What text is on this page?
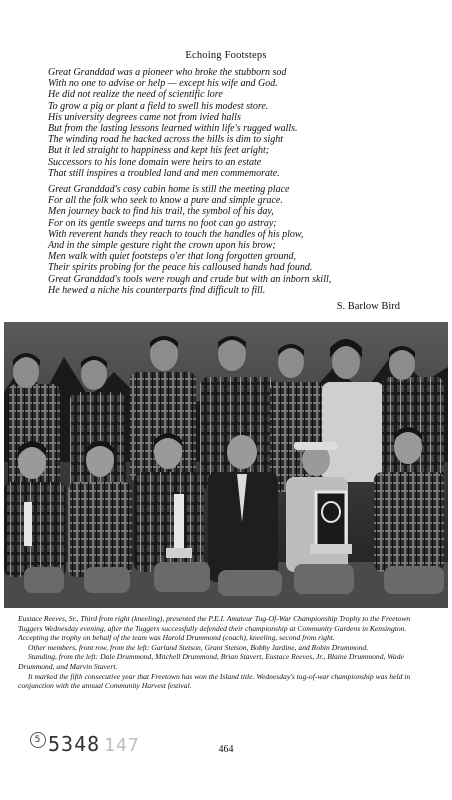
Echoing Footsteps
Great Granddad was a pioneer who broke the stubborn sod
With no one to advise or help — except his wife and God.
He did not realize the need of scientific lore
To grow a pig or plant a field to swell his modest store.
His university degrees came not from ivied halls
But from the lasting lessons learned within life's rugged walls.
The winding road he hacked across the hills is dim to sight
But it led straight to happiness and kept his feet aright;
Successors to his lone domain were heirs to an estate
That still inspires a troubled land and men commemorate.
Great Granddad's cosy cabin home is still the meeting place
For all the folk who seek to know a pure and simple grace.
Men journey back to find his trail, the symbol of his day,
For on its gentle sweeps and turns no foot can go astray;
With reverent hands they reach to touch the handles of his plow,
And in the simple gesture right the crown upon his brow;
Men walk with quiet footsteps o'er that long forgotten ground,
Their spirits probing for the peace his calloused hands had found.
Great Granddad's tools were rough and crude but with an inborn skill,
He hewed a niche his counterparts find difficult to fill.
S. Barlow Bird

Eustace Reeves, Sr., Third from right (kneeling), presented the P.E.I. Amateur Tug-Of-War Championship Trophy to the Freetown Tuggers Wednesday evening, after the Tuggers successfully defended their championship at Community Gardens in Kensington. Accepting the trophy on behalf of the team was Harold Drummond (coach), kneeling, second from right.

Other members, front row, from the left: Garland Stetson, Grant Stetson, Bobby Jardine, and Robin Drummond.

Standing, from the left: Dale Drummond, Mitchell Drummond, Brian Stavert, Eustace Reeves, Jr., Blaine Drummond, Wade Drummond, and Marvin Stavert.

It marked the fifth consecutive year that Freetown has won the Island title. Wednesday's tug-of-war championship was held in conjunction with the annual Community Harvest festival.

5 5348 147	464
